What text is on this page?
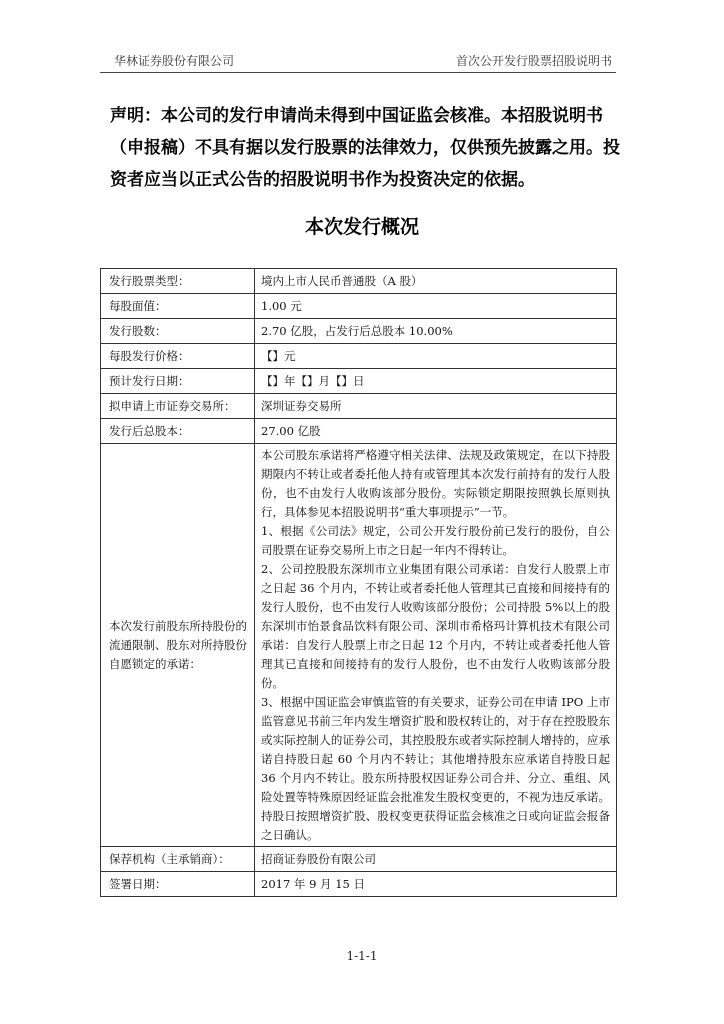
华林证券股份有限公司	首次公开发行股票招股说明书
声明：本公司的发行申请尚未得到中国证监会核准。本招股说明书（申报稿）不具有据以发行股票的法律效力，仅供预先披露之用。投资者应当以正式公告的招股说明书作为投资决定的依据。
本次发行概况
发行股票类型：	境内上市人民币普通股（A 股）
每股面值：	1.00 元
发行股数：	2.70 亿股，占发行后总股本 10.00%
每股发行价格：	【】元
预计发行日期：	【】年【】月【】日
拟申请上市证券交易所：	深圳证券交易所
发行后总股本：	27.00 亿股
本次发行前股东所持股份的流通限制、股东对所持股份自愿锁定的承诺：	本公司股东承诺将严格遵守相关法律、法规及政策规定，在以下持股期限内不转让或者委托他人持有或管理其本次发行前持有的发行人股份，也不由发行人收购该部分股份。实际锁定期限按照孰长原则执行，具体参见本招股说明书“重大事项提示”一节。
1、根据《公司法》规定，公司公开发行股份前已发行的股份，自公司股票在证券交易所上市之日起一年内不得转让。
2、公司控股股东深圳市立业集团有限公司承诺：自发行人股票上市之日起 36 个月内，不转让或者委托他人管理其已直接和间接持有的发行人股份，也不由发行人收购该部分股份；公司持股 5%以上的股东深圳市怡景食品饮料有限公司、深圳市希格玛计算机技术有限公司承诺：自发行人股票上市之日起 12 个月内，不转让或者委托他人管理其已直接和间接持有的发行人股份，也不由发行人收购该部分股份。
3、根据中国证监会审慎监管的有关要求，证券公司在申请 IPO 上市监管意见书前三年内发生增资扩股和股权转让的，对于存在控股股东或实际控制人的证券公司，其控股股东或者实际控制人增持的，应承诺自持股日起 60 个月内不转让；其他增持股东应承诺自持股日起 36 个月内不转让。股东所持股权因证券公司合并、分立、重组、风险处置等特殊原因经证监会批准发生股权变更的，不视为违反承诺。持股日按照增资扩股、股权变更获得证监会核准之日或向证监会报备之日确认。

保荐机构（主承销商）：	招商证券股份有限公司
签署日期：	2017 年 9 月 15 日
1-1-1
